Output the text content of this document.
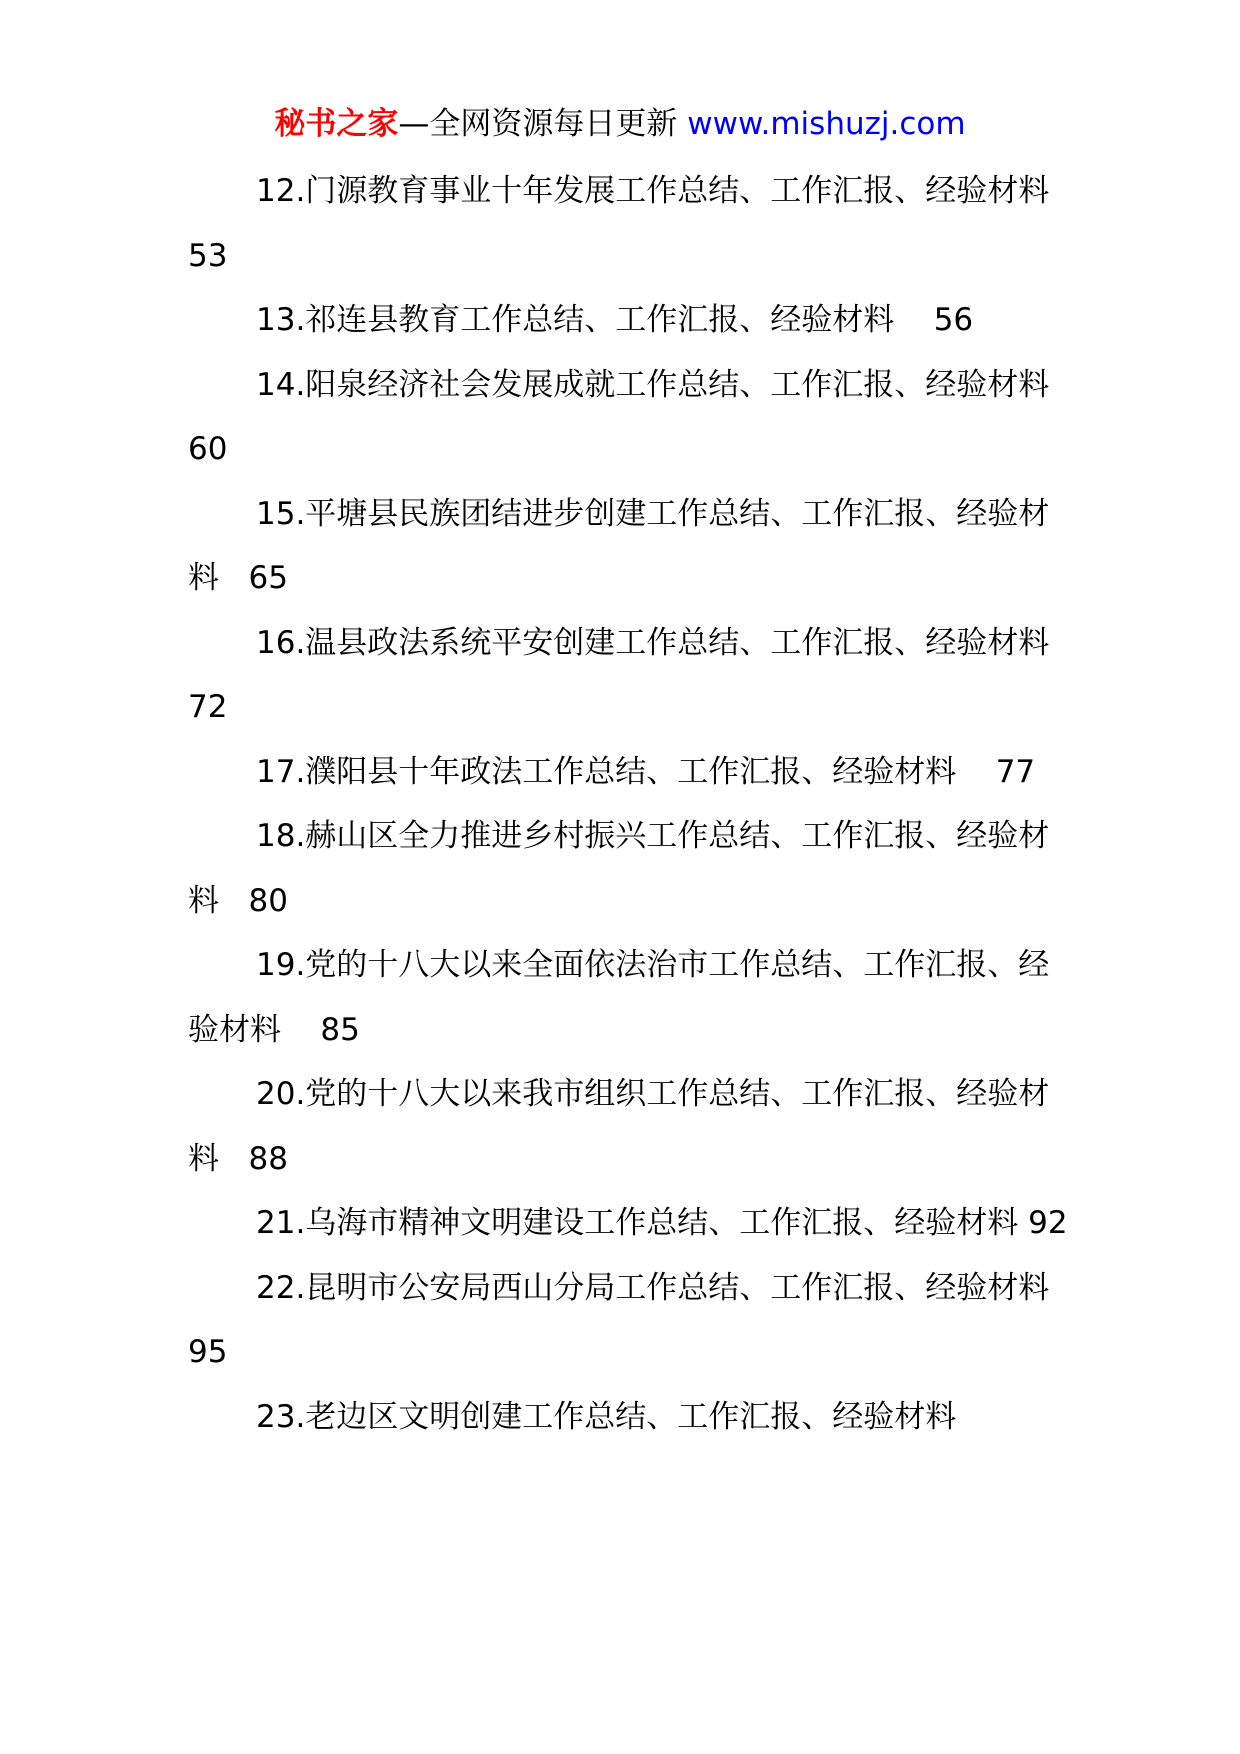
秘书之家—全网资源每日更新 www.mishuzj.com

12.门源教育事业十年发展工作总结、工作汇报、经验材料  53

13.祁连县教育工作总结、工作汇报、经验材料    56

14.阳泉经济社会发展成就工作总结、工作汇报、经验材料  60

15.平塘县民族团结进步创建工作总结、工作汇报、经验材料   65

16.温县政法系统平安创建工作总结、工作汇报、经验材料  72

17.濮阳县十年政法工作总结、工作汇报、经验材料    77

18.赫山区全力推进乡村振兴工作总结、工作汇报、经验材料   80

19.党的十八大以来全面依法治市工作总结、工作汇报、经验材料    85

20.党的十八大以来我市组织工作总结、工作汇报、经验材料   88

21.乌海市精神文明建设工作总结、工作汇报、经验材料 92

22.昆明市公安局西山分局工作总结、工作汇报、经验材料  95

23.老边区文明创建工作总结、工作汇报、经验材料
